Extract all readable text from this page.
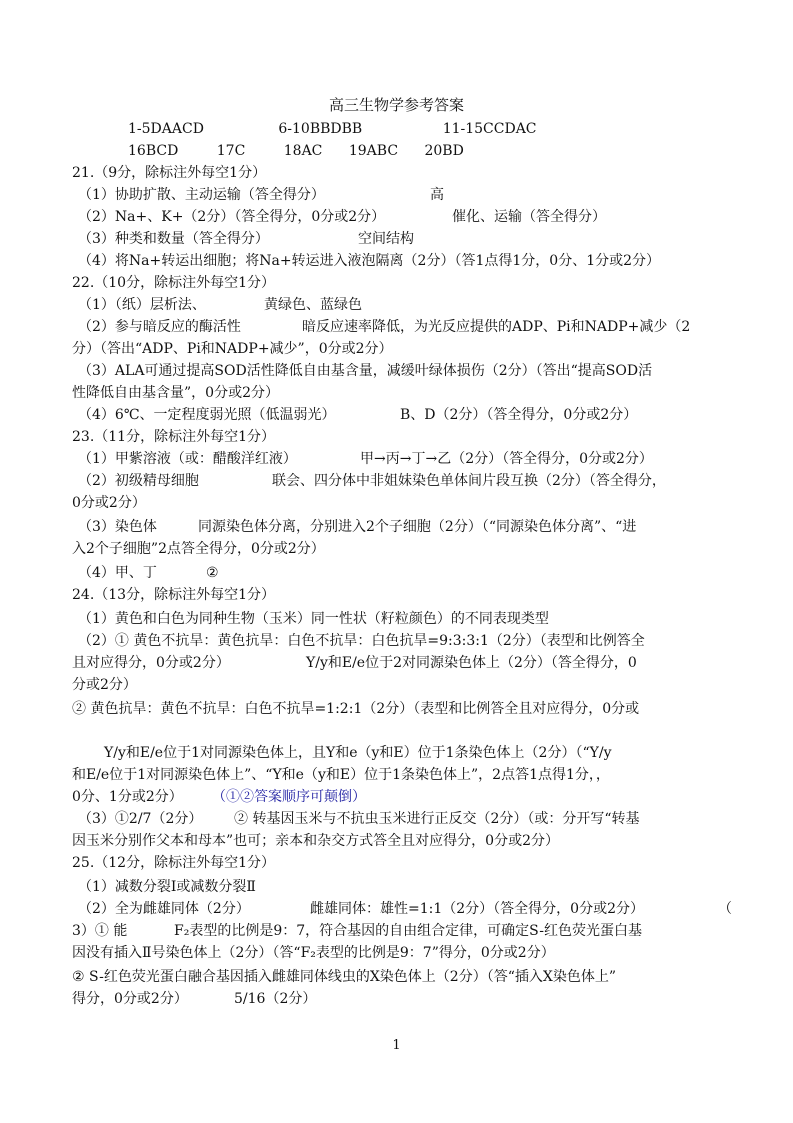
高三生物学参考答案
1-5DAACD	6-10BBDBB	11-15CCDAC
16BCD	17C	18AC 19ABC 20BD
21.（9分，除标注外每空1分）
（1）协助扩散、主动运输（答全得分）	高
（2）Na+、K+（2分）（答全得分，0分或2分）	催化、运输（答全得分）
（3）种类和数量（答全得分）	空间结构
（4）将Na+转运出细胞；将Na+转运进入液泡隔离（2分）（答1点得1分，0分、1分或2分）
22.（10分，除标注外每空1分）
（1）（纸）层析法、	黄绿色、蓝绿色
（2）参与暗反应的酶活性	暗反应速率降低，为光反应提供的ADP、Pi和NADP+减少（2
分）（答出“ADP、Pi和NADP+减少”，0分或2分）
（3）ALA可通过提高SOD活性降低自由基含量，减缓叶绿体损伤（2分）（答出“提高SOD活
性降低自由基含量”，0分或2分）
（4）6℃、一定程度弱光照（低温弱光）	B、D（2分）（答全得分，0分或2分）
23.（11分，除标注外每空1分）
（1）甲紫溶液（或：醋酸洋红液）	甲→丙→丁→乙（2分）（答全得分，0分或2分）
（2）初级精母细胞	联会、四分体中非姐妹染色单体间片段互换（2分）（答全得分，
0分或2分）
（3）染色体	同源染色体分离，分别进入2个子细胞（2分）（“同源染色体分离”、“进
入2个子细胞”2点答全得分，0分或2分）
（4）甲、丁	②
24.（13分，除标注外每空1分）
（1）黄色和白色为同种生物（玉米）同一性状（籽粒颜色）的不同表现类型
（2）① 黄色不抗旱：黄色抗旱：白色不抗旱：白色抗旱=9:3:3:1（2分）（表型和比例答全
且对应得分，0分或2分）	Y/y和E/e位于2对同源染色体上（2分）（答全得分，0
分或2分）
② 黄色抗旱：黄色不抗旱：白色不抗旱=1:2:1（2分）（表型和比例答全且对应得分，0分或
Y/y和E/e位于1对同源染色体上，且Y和e（y和E）位于1条染色体上（2分）（“Y/y
和E/e位于1对同源染色体上”、“Y和e（y和E）位于1条染色体上”，2点答1点得1分，，
0分、1分或2分） （①②答案顺序可颠倒）
（3）①2/7（2分） ② 转基因玉米与不抗虫玉米进行正反交（2分）（或：分开写“转基
因玉米分别作父本和母本”也可；亲本和杂交方式答全且对应得分，0分或2分）
25.（12分，除标注外每空1分）
（1）减数分裂Ⅰ或减数分裂Ⅱ
（2）全为雌雄同体（2分）	雌雄同体：雄性=1:1（2分）（答全得分，0分或2分）	（
3）① 能	F₂表型的比例是9：7，符合基因的自由组合定律，可确定S-红色荧光蛋白基
因没有插入Ⅱ号染色体上（2分）（答“F₂表型的比例是9：7”得分，0分或2分）
② S-红色荧光蛋白融合基因插入雌雄同体线虫的X染色体上（2分）（答“插入X染色体上”
得分，0分或2分）	5/16（2分）
1
